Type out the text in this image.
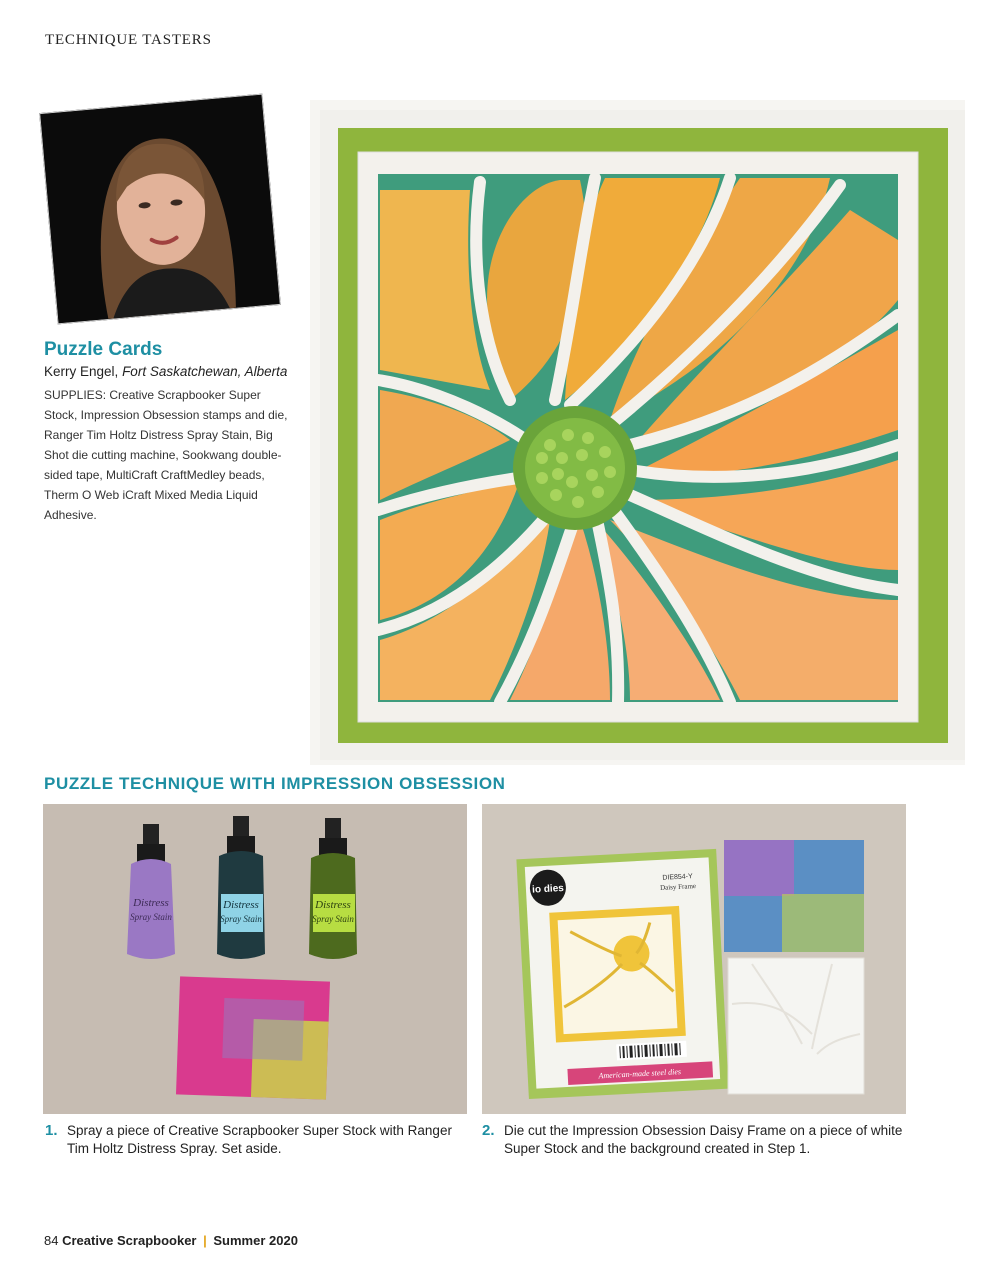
TECHNIQUE TASTERS
Puzzle Cards
Kerry Engel, Fort Saskatchewan, Alberta
SUPPLIES: Creative Scrapbooker Super Stock, Impression Obsession stamps and die, Ranger Tim Holtz Distress Spray Stain, Big Shot die cutting machine, Sookwang double-sided tape, MultiCraft CraftMedley beads, Therm O Web iCraft Mixed Media Liquid Adhesive.
PUZZLE TECHNIQUE WITH IMPRESSION OBSESSION
Distress
Spray Stain
Distress
Spray Stain
Distress
Spray Stain
io dies
DIE854-Y
Daisy Frame
American-made steel dies
1. Spray a piece of Creative Scrapbooker Super Stock with Ranger Tim Holtz Distress Spray. Set aside.
2. Die cut the Impression Obsession Daisy Frame on a piece of white Super Stock and the background created in Step 1.
84 Creative Scrapbooker | Summer 2020
